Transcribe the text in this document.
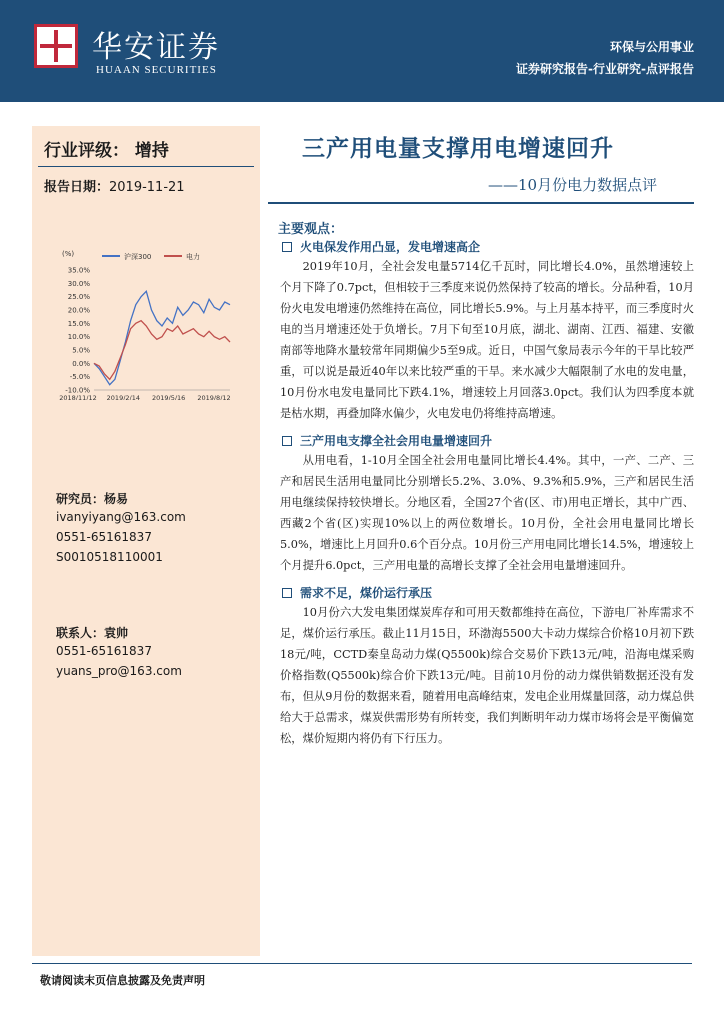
华安证券
HUAAN SECURITIES
环保与公用事业
证券研究报告-行业研究-点评报告
行业评级： 增持
报告日期：2019-11-21
(%)
35.0%
30.0%
25.0%
20.0%
15.0%
10.0%
5.0%
0.0%
-5.0%
-10.0%
2018/11/12 2019/2/14 2019/5/16 2019/8/12
沪深300	电力
研究员：杨易
ivanyiyang@163.com
0551-65161837
S0010518110001
联系人：袁帅
0551-65161837
yuans_pro@163.com
三产用电量支撑用电增速回升
——10月份电力数据点评
主要观点：
火电保发作用凸显，发电增速高企

2019年10月，全社会发电量5714亿千瓦时，同比增长4.0%，虽然增速较上个月下降了0.7pct，但相较于三季度来说仍然保持了较高的增长。分品种看，10月份火电发电增速仍然维持在高位，同比增长5.9%。与上月基本持平，而三季度时火电的当月增速还处于负增长。7月下旬至10月底，湖北、湖南、江西、福建、安徽南部等地降水量较常年同期偏少5至9成。近日，中国气象局表示今年的干旱比较严重，可以说是最近40年以来比较严重的干旱。来水减少大幅限制了水电的发电量，10月份水电发电量同比下跌4.1%，增速较上月回落3.0pct。我们认为四季度本就是枯水期，再叠加降水偏少，火电发电仍将维持高增速。

三产用电支撑全社会用电量增速回升

从用电看，1-10月全国全社会用电量同比增长4.4%。其中，一产、二产、三产和居民生活用电量同比分别增长5.2%、3.0%、9.3%和5.9%，三产和居民生活用电继续保持较快增长。分地区看，全国27个省(区、市)用电正增长，其中广西、西藏2个省(区)实现10%以上的两位数增长。10月份，全社会用电量同比增长5.0%，增速比上月回升0.6个百分点。10月份三产用电同比增长14.5%，增速较上个月提升6.0pct，三产用电量的高增长支撑了全社会用电量增速回升。

需求不足，煤价运行承压

10月份六大发电集团煤炭库存和可用天数都维持在高位，下游电厂补库需求不足，煤价运行承压。截止11月15日，环渤海5500大卡动力煤综合价格10月初下跌18元/吨，CCTD秦皇岛动力煤(Q5500k)综合交易价下跌13元/吨，沿海电煤采购价格指数(Q5500k)综合价下跌13元/吨。目前10月份的动力煤供销数据还没有发布，但从9月份的数据来看，随着用电高峰结束，发电企业用煤量回落，动力煤总供给大于总需求，煤炭供需形势有所转变，我们判断明年动力煤市场将会是平衡偏宽松，煤价短期内将仍有下行压力。

敬请阅读末页信息披露及免责声明
